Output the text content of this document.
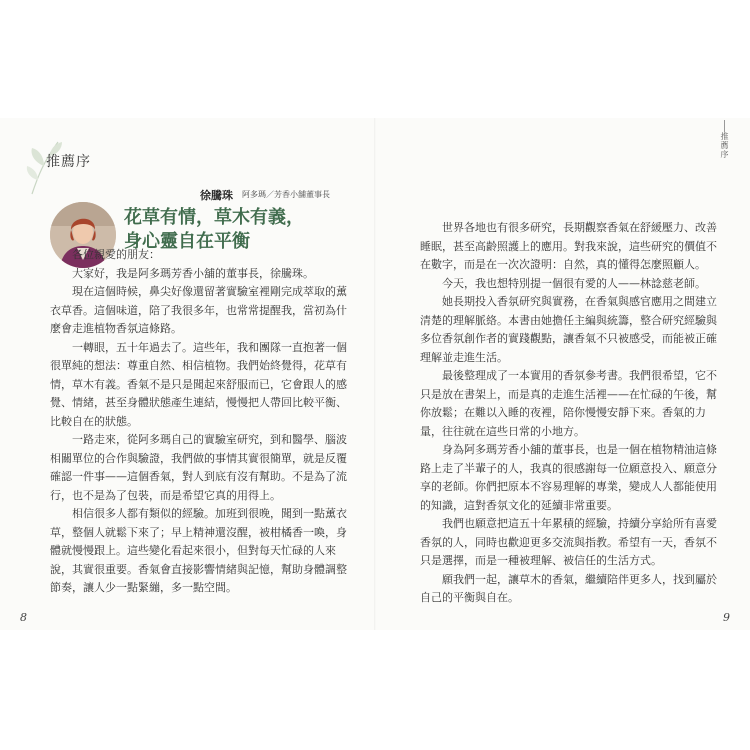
推薦序
徐騰珠 阿多瑪／芳香小舖董事長
花草有情，草木有義，
身心靈自在平衡

各位親愛的朋友：

大家好，我是阿多瑪芳香小舖的董事長，徐騰珠。

現在這個時候，鼻尖好像還留著實驗室裡剛完成萃取的薰衣草香。這個味道，陪了我很多年，也常常提醒我，當初為什麼會走進植物香氛這條路。

一轉眼，五十年過去了。這些年，我和團隊一直抱著一個很單純的想法：尊重自然、相信植物。我們始終覺得，花草有情，草木有義。香氣不是只是聞起來舒服而已，它會跟人的感覺、情緒，甚至身體狀態產生連結，慢慢把人帶回比較平衡、比較自在的狀態。

一路走來，從阿多瑪自己的實驗室研究，到和醫學、腦波相關單位的合作與驗證，我們做的事情其實很簡單，就是反覆確認一件事——這個香氣，對人到底有沒有幫助。不是為了流行，也不是為了包裝，而是希望它真的用得上。

相信很多人都有類似的經驗。加班到很晚，聞到一點薰衣草，整個人就鬆下來了；早上精神還沒醒，被柑橘香一喚，身體就慢慢跟上。這些變化看起來很小，但對每天忙碌的人來說，其實很重要。香氣會直接影響情緒與記憶，幫助身體調整節奏，讓人少一點緊繃，多一點空間。

8
推薦序

世界各地也有很多研究，長期觀察香氣在舒緩壓力、改善睡眠，甚至高齡照護上的應用。對我來說，這些研究的價值不在數字，而是在一次次證明：自然，真的懂得怎麼照顧人。

今天，我也想特別提一個很有愛的人——林諗慈老師。

她長期投入香氛研究與實務，在香氣與感官應用之間建立清楚的理解脈絡。本書由她擔任主編與統籌，整合研究經驗與多位香氛創作者的實踐觀點，讓香氣不只被感受，而能被正確理解並走進生活。

最後整理成了一本實用的香氛參考書。我們很希望，它不只是放在書架上，而是真的走進生活裡——在忙碌的午後，幫你放鬆；在難以入睡的夜裡，陪你慢慢安靜下來。香氣的力量，往往就在這些日常的小地方。

身為阿多瑪芳香小舖的董事長，也是一個在植物精油這條路上走了半輩子的人，我真的很感謝每一位願意投入、願意分享的老師。你們把原本不容易理解的專業，變成人人都能使用的知識，這對香氛文化的延續非常重要。

我們也願意把這五十年累積的經驗，持續分享給所有喜愛香氛的人，同時也歡迎更多交流與指教。希望有一天，香氛不只是選擇，而是一種被理解、被信任的生活方式。

願我們一起，讓草木的香氣，繼續陪伴更多人，找到屬於自己的平衡與自在。

9
